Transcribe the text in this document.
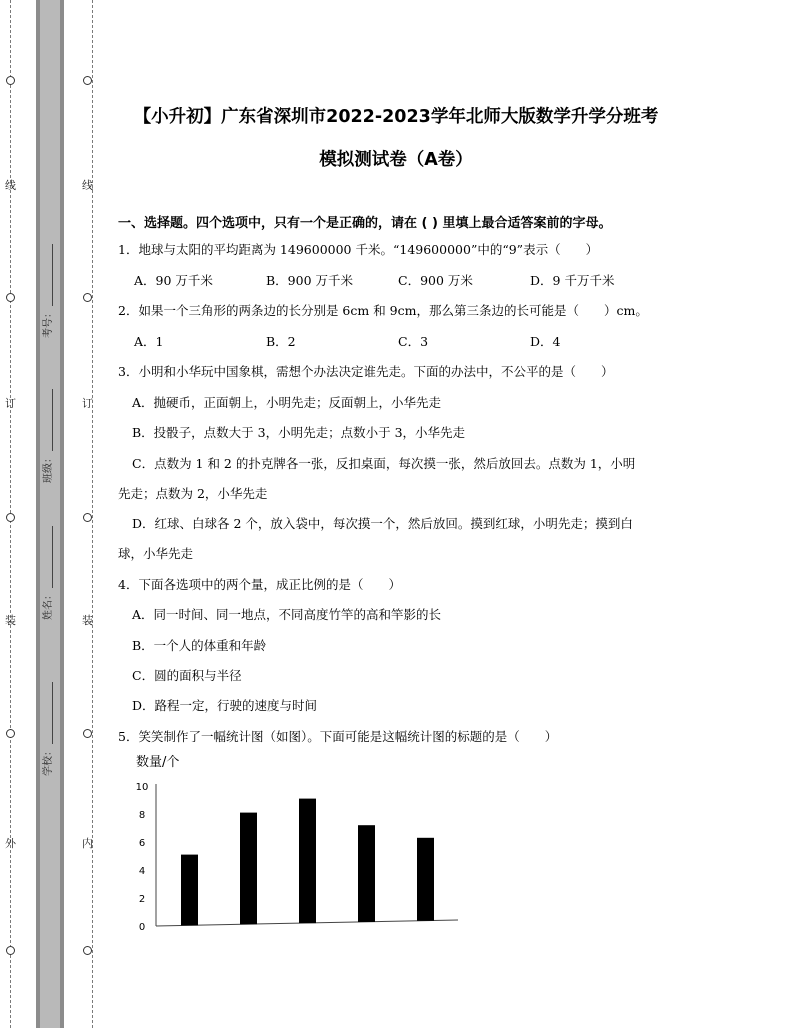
线
订
装
外
线
订
装
内
考号：
班级：
姓名：
学校：
【小升初】广东省深圳市2022-2023学年北师大版数学升学分班考
模拟测试卷（A卷）
一、选择题。四个选项中，只有一个是正确的，请在 ( ) 里填上最合适答案前的字母。
1．地球与太阳的平均距离为 149600000 千米。“149600000”中的“9”表示（　　）
A．90 万千米	B．900 万千米	C．900 万米	D．9 千万千米
2．如果一个三角形的两条边的长分别是 6cm 和 9cm，那么第三条边的长可能是（　　）cm。
A．1	B．2	C．3	D．4
3．小明和小华玩中国象棋，需想个办法决定谁先走。下面的办法中，不公平的是（　　）
A．抛硬币，正面朝上，小明先走；反面朝上，小华先走
B．投骰子，点数大于 3，小明先走；点数小于 3，小华先走
C．点数为 1 和 2 的扑克牌各一张，反扣桌面，每次摸一张，然后放回去。点数为 1，小明
先走；点数为 2，小华先走
D．红球、白球各 2 个，放入袋中，每次摸一个，然后放回。摸到红球，小明先走；摸到白
球，小华先走
4．下面各选项中的两个量，成正比例的是（　　）
A．同一时间、同一地点，不同高度竹竿的高和竿影的长
B．一个人的体重和年龄
C．圆的面积与半径
D．路程一定，行驶的速度与时间
5．笑笑制作了一幅统计图（如图）。下面可能是这幅统计图的标题的是（　　）
数量/个
0
2
4
6
8
10
